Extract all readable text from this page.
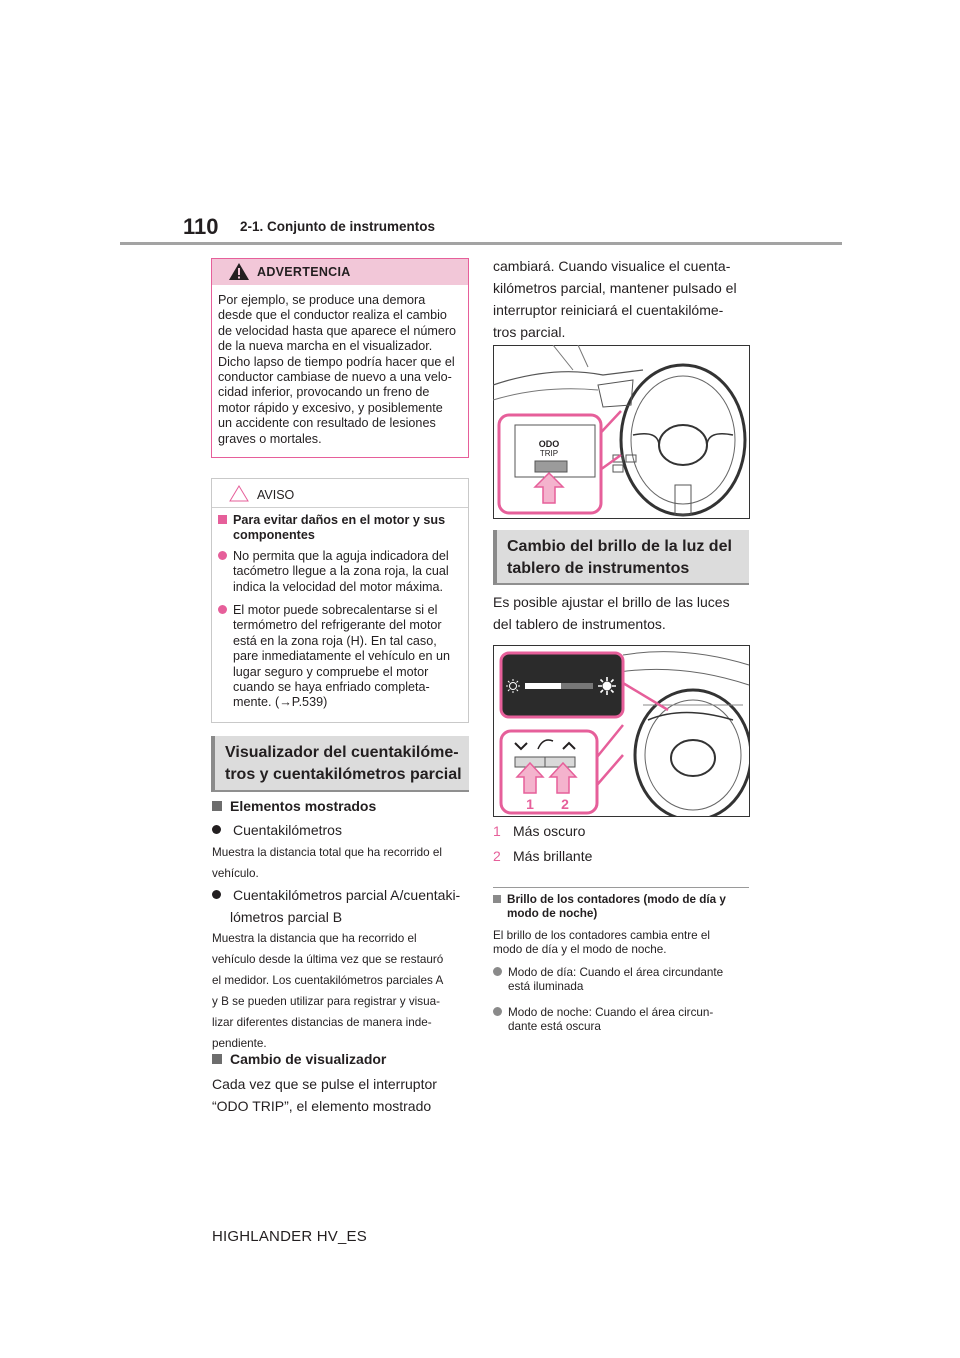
110 2-1. Conjunto de instrumentos
ADVERTENCIA
Por ejemplo, se produce una demora
desde que el conductor realiza el cambio
de velocidad hasta que aparece el número
de la nueva marcha en el visualizador.
Dicho lapso de tiempo podría hacer que el
conductor cambiase de nuevo a una velo-
cidad inferior, provocando un freno de
motor rápido y excesivo, y posiblemente
un accidente con resultado de lesiones
graves o mortales.
AVISO
Para evitar daños en el motor y sus
componentes
No permita que la aguja indicadora del
tacómetro llegue a la zona roja, la cual
indica la velocidad del motor máxima.
El motor puede sobrecalentarse si el
termómetro del refrigerante del motor
está en la zona roja (H). En tal caso,
pare inmediatamente el vehículo en un
lugar seguro y compruebe el motor
cuando se haya enfriado completa-
mente. (→P.539)
Visualizador del cuentakilóme-
tros y cuentakilómetros parcial
Elementos mostrados
Cuentakilómetros
Muestra la distancia total que ha recorrido el
vehículo.
Cuentakilómetros parcial A/cuentaki-
lómetros parcial B
Muestra la distancia que ha recorrido el
vehículo desde la última vez que se restauró
el medidor. Los cuentakilómetros parciales A
y B se pueden utilizar para registrar y visua-
lizar diferentes distancias de manera inde-
pendiente.
Cambio de visualizador
Cada vez que se pulse el interruptor
“ODO TRIP”, el elemento mostrado
cambiará. Cuando visualice el cuenta-
kilómetros parcial, mantener pulsado el
interruptor reiniciará el cuentakilóme-
tros parcial.
ODO
TRIP
Cambio del brillo de la luz del
tablero de instrumentos
Es posible ajustar el brillo de las luces
del tablero de instrumentos.
1 2
1 Más oscuro
2 Más brillante
Brillo de los contadores (modo de día y
modo de noche)
El brillo de los contadores cambia entre el
modo de día y el modo de noche.
Modo de día: Cuando el área circundante
está iluminada
Modo de noche: Cuando el área circun-
dante está oscura
HIGHLANDER HV_ES
